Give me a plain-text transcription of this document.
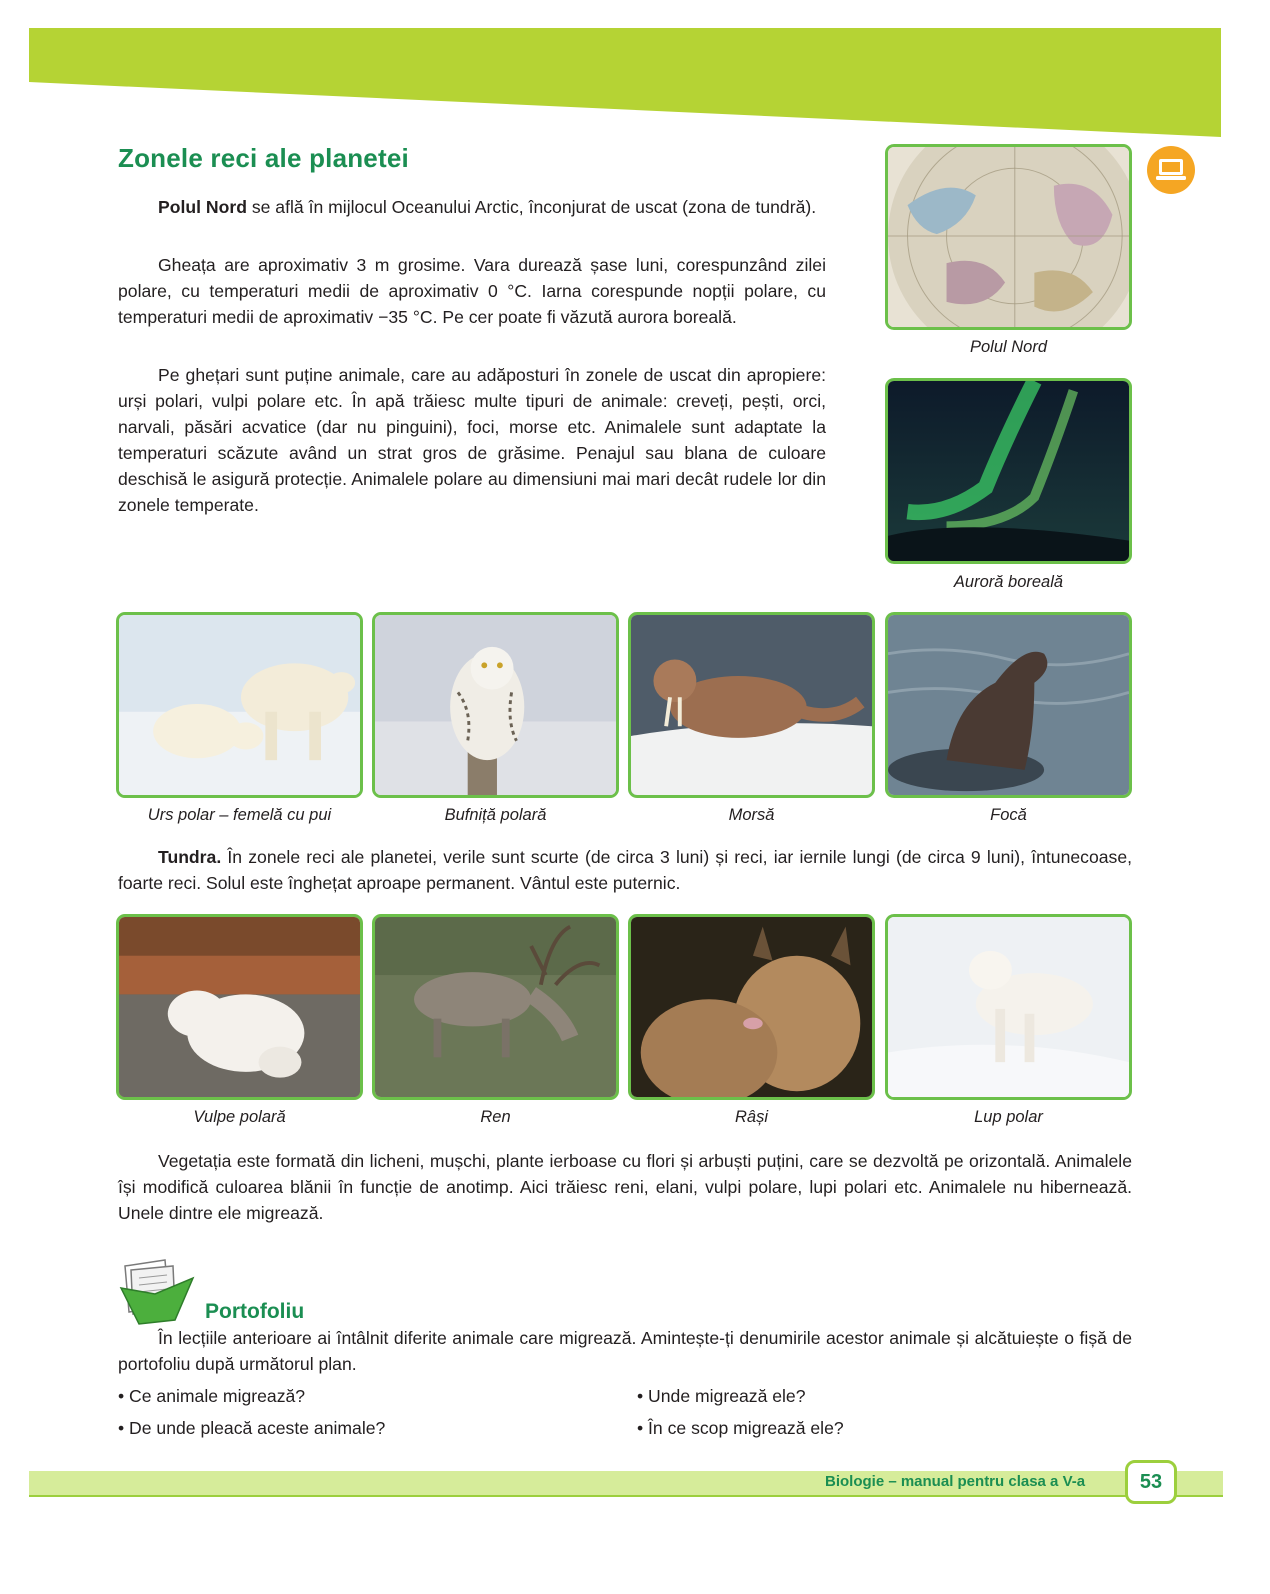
Zonele reci ale planetei

Polul Nord se află în mijlocul Oceanului Arctic, înconjurat de uscat (zona de tundră).

Gheața are aproximativ 3 m grosime. Vara durează șase luni, corespunzând zilei polare, cu temperaturi medii de aproximativ 0 °C. Iarna corespunde nopții polare, cu temperaturi medii de aproximativ −35 °C. Pe cer poate fi văzută aurora boreală.

Pe ghețari sunt puține animale, care au adăposturi în zonele de uscat din apropiere: urși polari, vulpi polare etc. În apă trăiesc multe tipuri de animale: creveți, pești, orci, narvali, păsări acvatice (dar nu pinguini), foci, morse etc. Animalele sunt adaptate la temperaturi scăzute având un strat gros de grăsime. Penajul sau blana de culoare deschisă le asigură protecție. Animalele polare au dimensiuni mai mari decât rudele lor din zonele temperate.

Polul Nord

Auroră boreală

Urs polar – femelă cu pui	Bufniță polară	Morsă	Focă

Tundra. În zonele reci ale planetei, verile sunt scurte (de circa 3 luni) și reci, iar iernile lungi (de circa 9 luni), întunecoase, foarte reci. Solul este înghețat aproape permanent. Vântul este puternic.

Vulpe polară	Ren	Râși	Lup polar

Vegetația este formată din licheni, mușchi, plante ierboase cu flori și arbuști puțini, care se dezvoltă pe orizontală. Animalele își modifică culoarea blănii în funcție de anotimp. Aici trăiesc reni, elani, vulpi polare, lupi polari etc. Animalele nu hibernează. Unele dintre ele migrează.

Portofoliu

În lecțiile anterioare ai întâlnit diferite animale care migrează. Amintește-ți denumirile acestor animale și alcătuiește o fișă de portofoliu după următorul plan.

• Ce animale migrează?	• Unde migrează ele?

• De unde pleacă aceste animale?	• În ce scop migrează ele?

Biologie – manual pentru clasa a V-a	53
